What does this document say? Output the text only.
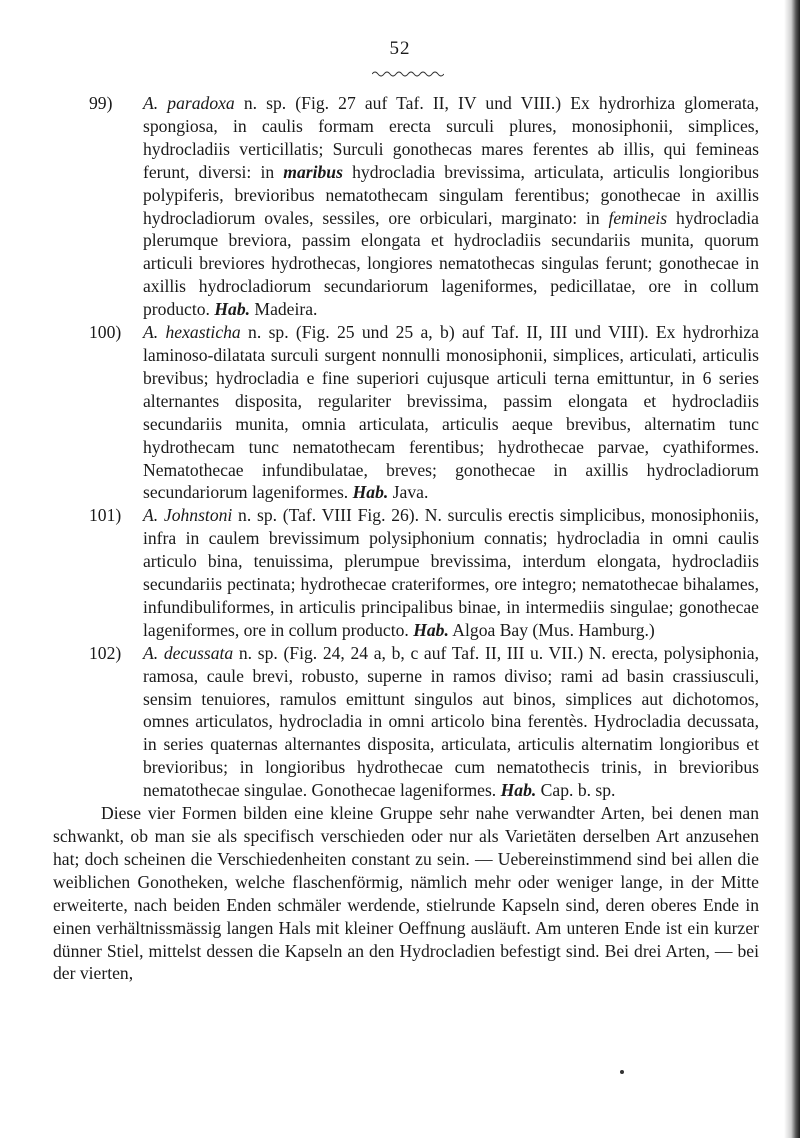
52
99) A. paradoxa n. sp. (Fig. 27 auf Taf. II, IV und VIII.) Ex hydrorhiza glomerata, spongiosa, in caulis formam erecta surculi plures, monosiphonii, simplices, hydrocladiis verticillatis; Surculi gonothecas mares ferentes ab illis, qui femineas ferunt, diversi: in maribus hydrocladia brevissima, articulata, articulis longioribus polypiferis, brevioribus nematothecam singulam ferentibus; gonothecae in axillis hydrocladiorum ovales, sessiles, ore orbiculari, marginato: in femineis hydrocladia plerumque breviora, passim elongata et hydrocladiis secundariis munita, quorum articuli breviores hydrothecas, longiores nematothecas singulas ferunt; gonothecae in axillis hydrocladiorum secundariorum lageniformes, pedicillatae, ore in collum producto. Hab. Madeira.

100) A. hexasticha n. sp. (Fig. 25 und 25 a, b) auf Taf. II, III und VIII). Ex hydrorhiza laminoso-dilatata surculi surgent nonnulli monosiphonii, simplices, articulati, articulis brevibus; hydrocladia e fine superiori cujusque articuli terna emittuntur, in 6 series alternantes disposita, regulariter brevissima, passim elongata et hydrocladiis secundariis munita, omnia articulata, articulis aeque brevibus, alternatim tunc hydrothecam tunc nematothecam ferentibus; hydrothecae parvae, cyathiformes. Nematothecae infundibulatae, breves; gonothecae in axillis hydrocladiorum secundariorum lageniformes. Hab. Java.

101) A. Johnstoni n. sp. (Taf. VIII Fig. 26). N. surculis erectis simplicibus, monosiphoniis, infra in caulem brevissimum polysiphonium connatis; hydrocladia in omni caulis articulo bina, tenuissima, plerumpue brevissima, interdum elongata, hydrocladiis secundariis pectinata; hydrothecae crateriformes, ore integro; nematothecae bihalames, infundibuliformes, in articulis principalibus binae, in intermediis singulae; gonothecae lageniformes, ore in collum producto. Hab. Algoa Bay (Mus. Hamburg.)

102) A. decussata n. sp. (Fig. 24, 24 a, b, c auf Taf. II, III u. VII.) N. erecta, polysiphonia, ramosa, caule brevi, robusto, superne in ramos diviso; rami ad basin crassiusculi, sensim tenuiores, ramulos emittunt singulos aut binos, simplices aut dichotomos, omnes articulatos, hydrocladia in omni articolo bina ferentès. Hydrocladia decussata, in series quaternas alternantes disposita, articulata, articulis alternatim longioribus et brevioribus; in longioribus hydrothecae cum nematothecis trinis, in brevioribus nematothecae singulae. Gonothecae lageniformes. Hab. Cap. b. sp.

Diese vier Formen bilden eine kleine Gruppe sehr nahe verwandter Arten, bei denen man schwankt, ob man sie als specifisch verschieden oder nur als Varietäten derselben Art anzusehen hat; doch scheinen die Verschiedenheiten constant zu sein. — Uebereinstimmend sind bei allen die weiblichen Gonotheken, welche flaschenförmig, nämlich mehr oder weniger lange, in der Mitte erweiterte, nach beiden Enden schmäler werdende, stielrunde Kapseln sind, deren oberes Ende in einen verhältnissmässig langen Hals mit kleiner Oeffnung ausläuft. Am unteren Ende ist ein kurzer dünner Stiel, mittelst dessen die Kapseln an den Hydrocladien befestigt sind. Bei drei Arten, — bei der vierten,
